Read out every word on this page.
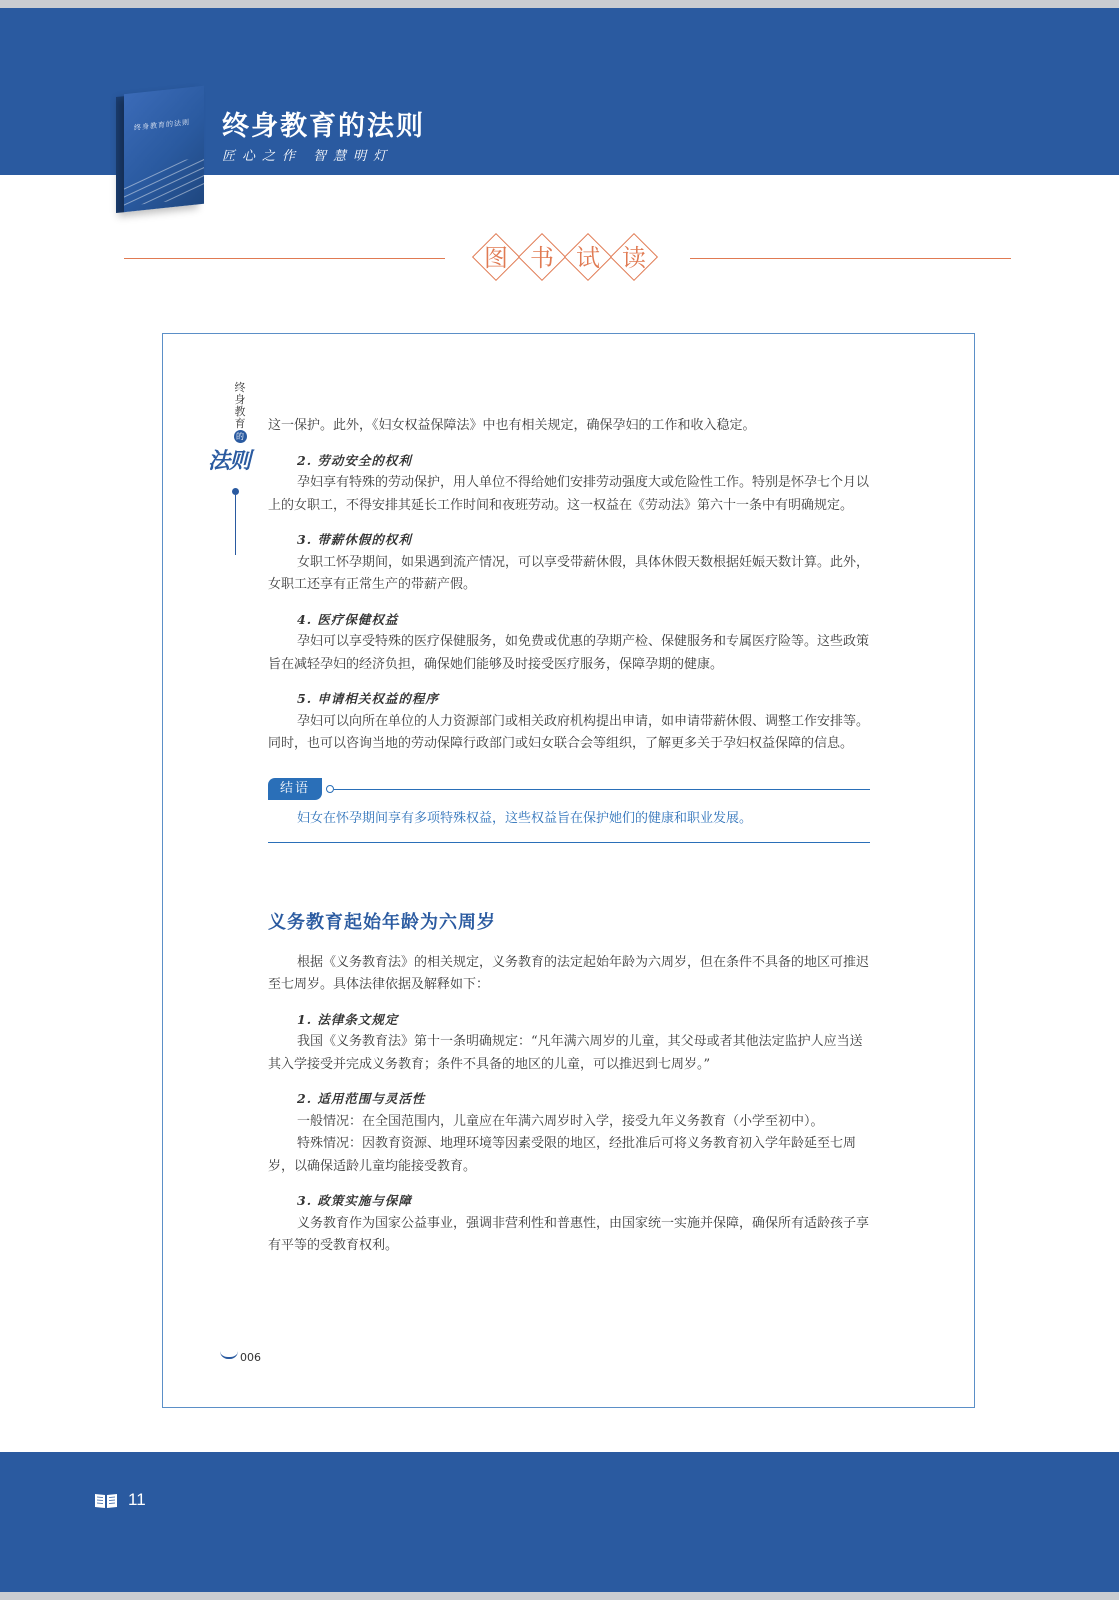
终身教育的法则 终身教育的法则
匠心之作 智慧明灯
图 书 试 读
终身教育
的
法则

这一保护。此外，《妇女权益保障法》中也有相关规定，确保孕妇的工作和收入稳定。

2. 劳动安全的权利

孕妇享有特殊的劳动保护，用人单位不得给她们安排劳动强度大或危险性工作。特别是怀孕七个月以上的女职工，不得安排其延长工作时间和夜班劳动。这一权益在《劳动法》第六十一条中有明确规定。

3. 带薪休假的权利

女职工怀孕期间，如果遇到流产情况，可以享受带薪休假，具体休假天数根据妊娠天数计算。此外，女职工还享有正常生产的带薪产假。

4. 医疗保健权益

孕妇可以享受特殊的医疗保健服务，如免费或优惠的孕期产检、保健服务和专属医疗险等。这些政策旨在减轻孕妇的经济负担，确保她们能够及时接受医疗服务，保障孕期的健康。

5. 申请相关权益的程序

孕妇可以向所在单位的人力资源部门或相关政府机构提出申请，如申请带薪休假、调整工作安排等。同时，也可以咨询当地的劳动保障行政部门或妇女联合会等组织，了解更多关于孕妇权益保障的信息。

结语
妇女在怀孕期间享有多项特殊权益，这些权益旨在保护她们的健康和职业发展。

义务教育起始年龄为六周岁

根据《义务教育法》的相关规定，义务教育的法定起始年龄为六周岁，但在条件不具备的地区可推迟至七周岁。具体法律依据及解释如下：

1. 法律条文规定

我国《义务教育法》第十一条明确规定：“凡年满六周岁的儿童，其父母或者其他法定监护人应当送其入学接受并完成义务教育；条件不具备的地区的儿童，可以推迟到七周岁。”

2. 适用范围与灵活性

一般情况：在全国范围内，儿童应在年满六周岁时入学，接受九年义务教育（小学至初中）。

特殊情况：因教育资源、地理环境等因素受限的地区，经批准后可将义务教育初入学年龄延至七周岁，以确保适龄儿童均能接受教育。

3. 政策实施与保障

义务教育作为国家公益事业，强调非营利性和普惠性，由国家统一实施并保障，确保所有适龄孩子享有平等的受教育权利。

006
11
